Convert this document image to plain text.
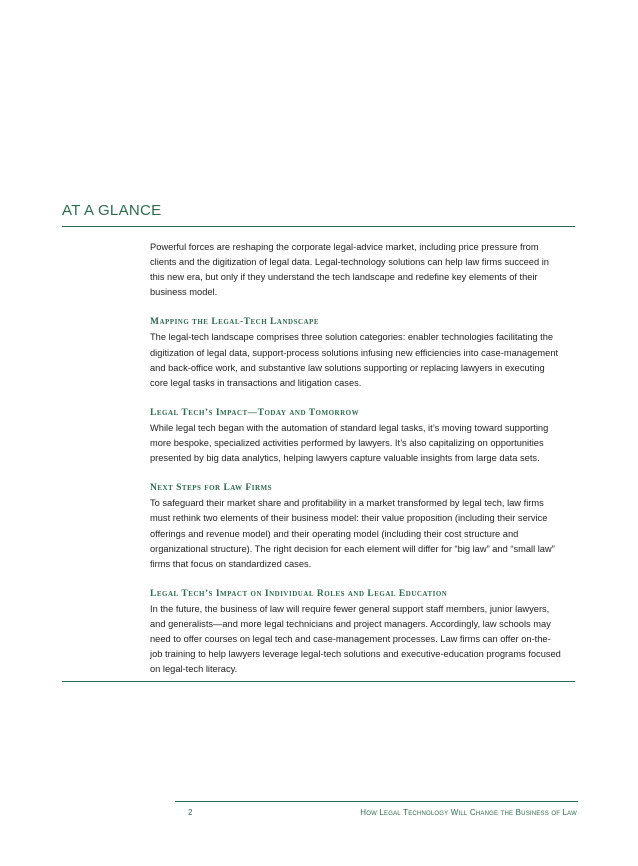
AT A GLANCE

Powerful forces are reshaping the corporate legal-advice market, including price pressure from clients and the digitization of legal data. Legal-technology solutions can help law firms succeed in this new era, but only if they understand the tech landscape and redefine key elements of their business model.

Mapping the Legal-Tech Landscape

The legal-tech landscape comprises three solution categories: enabler technologies facilitating the digitization of legal data, support-process solutions infusing new efficiencies into case-management and back-office work, and substantive law solutions supporting or replacing lawyers in executing core legal tasks in transactions and litigation cases.

Legal Tech’s Impact—Today and Tomorrow

While legal tech began with the automation of standard legal tasks, it’s moving toward supporting more bespoke, specialized activities performed by lawyers. It’s also capitalizing on opportunities presented by big data analytics, helping lawyers capture valuable insights from large data sets.

Next Steps for Law Firms

To safeguard their market share and profitability in a market transformed by legal tech, law firms must rethink two elements of their business model: their value proposition (including their service offerings and revenue model) and their operating model (including their cost structure and organizational structure). The right decision for each element will differ for “big law” and “small law” firms that focus on standardized cases.

Legal Tech’s Impact on Individual Roles and Legal Education

In the future, the business of law will require fewer general support staff members, junior lawyers, and generalists—and more legal technicians and project managers. Accordingly, law schools may need to offer courses on legal tech and case-management processes. Law firms can offer on-the-job training to help lawyers leverage legal-tech solutions and executive-education programs focused on legal-tech literacy.

2	How Legal Technology Will Change the Business of Law
